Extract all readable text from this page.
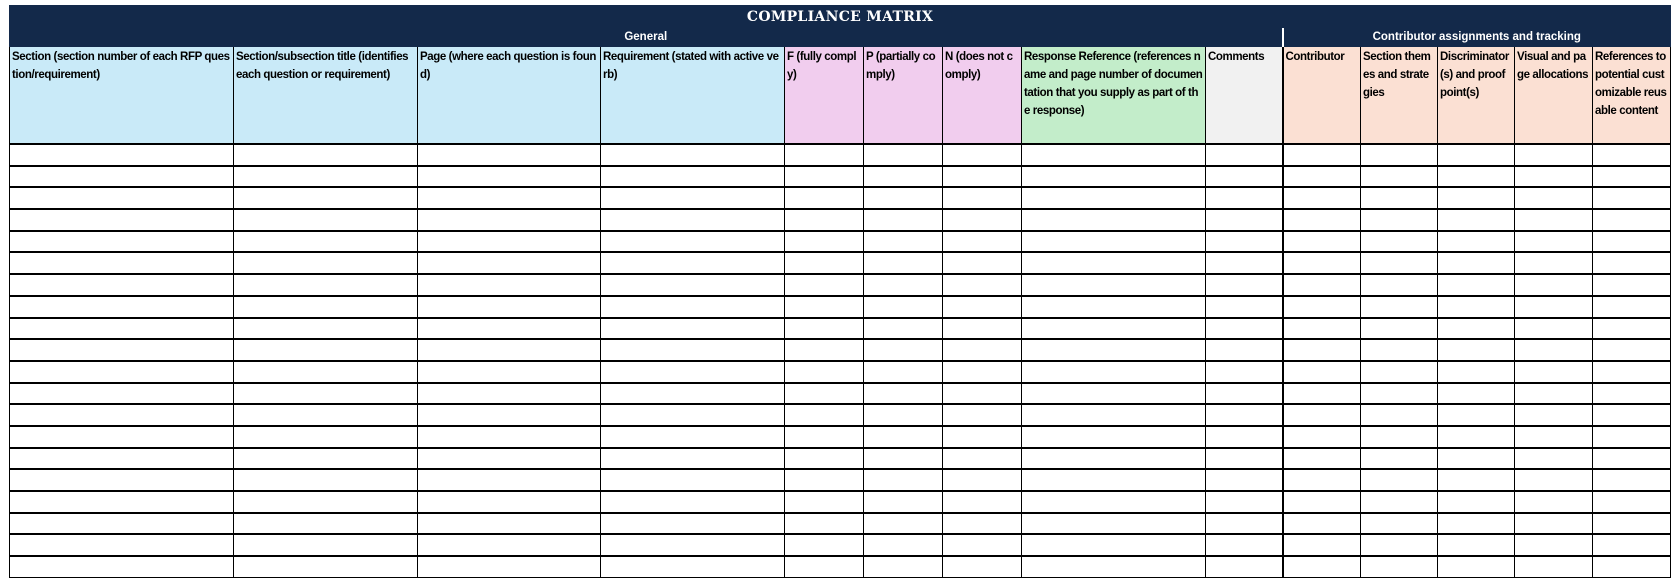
COMPLIANCE MATRIX													
General									Contributor assignments and tracking				
Section (section number of each RFP question/requirement)	Section/subsection title (identifies each question or requirement)	Page (where each question is found)	Requirement (stated with active verb)	F (fully comply)	P (partially comply)	N (does not comply)	Response Reference (references name and page number of documentation that you supply as part of the response)	Comments	Contributor	Section themes and strategies	Discriminator(s) and proof point(s)	Visual and page allocations	References to potential customizable reusable content
